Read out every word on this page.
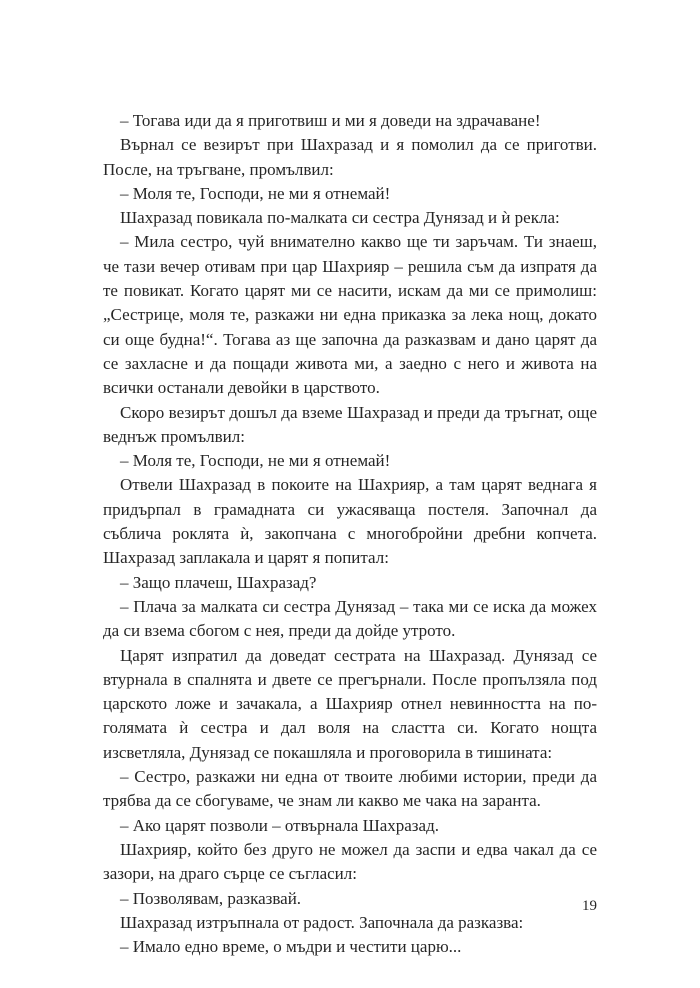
– Тогава иди да я приготвиш и ми я доведи на здрачаване!

Върнал се везирът при Шахразад и я помолил да се приготви. После, на тръгване, промълвил:

– Моля те, Господи, не ми я отнемай!

Шахразад повикала по-малката си сестра Дунязад и ѝ рекла:

– Мила сестро, чуй внимателно какво ще ти заръчам. Ти знаеш, че тази вечер отивам при цар Шахрияр – решила съм да изпратя да те повикат. Когато царят ми се насити, искам да ми се примолиш: „Сестрице, моля те, разкажи ни една приказка за лека нощ, докато си още будна!“. Тогава аз ще започна да разказвам и дано царят да се захласне и да пощади живота ми, а заедно с него и живота на всички останали девойки в царството.

Скоро везирът дошъл да вземе Шахразад и преди да тръгнат, още веднъж промълвил:

– Моля те, Господи, не ми я отнемай!

Отвели Шахразад в покоите на Шахрияр, а там царят веднага я придърпал в грамадната си ужасяваща постеля. Започнал да съблича роклята ѝ, закопчана с многобройни дребни копчета. Шахразад заплакала и царят я попитал:

– Защо плачеш, Шахразад?

– Плача за малката си сестра Дунязад – така ми се иска да можех да си взема сбогом с нея, преди да дойде утрото.

Царят изпратил да доведат сестрата на Шахразад. Дунязад се втурнала в спалнята и двете се прегърнали. После пропълзяла под царското ложе и зачакала, а Шахрияр отнел невинността на по-голямата ѝ сестра и дал воля на сластта си. Когато нощта изсветляла, Дунязад се покашляла и проговорила в тишината:

– Сестро, разкажи ни една от твоите любими истории, преди да трябва да се сбогуваме, че знам ли какво ме чака на заранта.

– Ако царят позволи – отвърнала Шахразад.

Шахрияр, който без друго не можел да заспи и едва чакал да се зазори, на драго сърце се съгласил:

– Позволявам, разказвай.

Шахразад изтръпнала от радост. Започнала да разказва:

– Имало едно време, о мъдри и честити царю...

19
